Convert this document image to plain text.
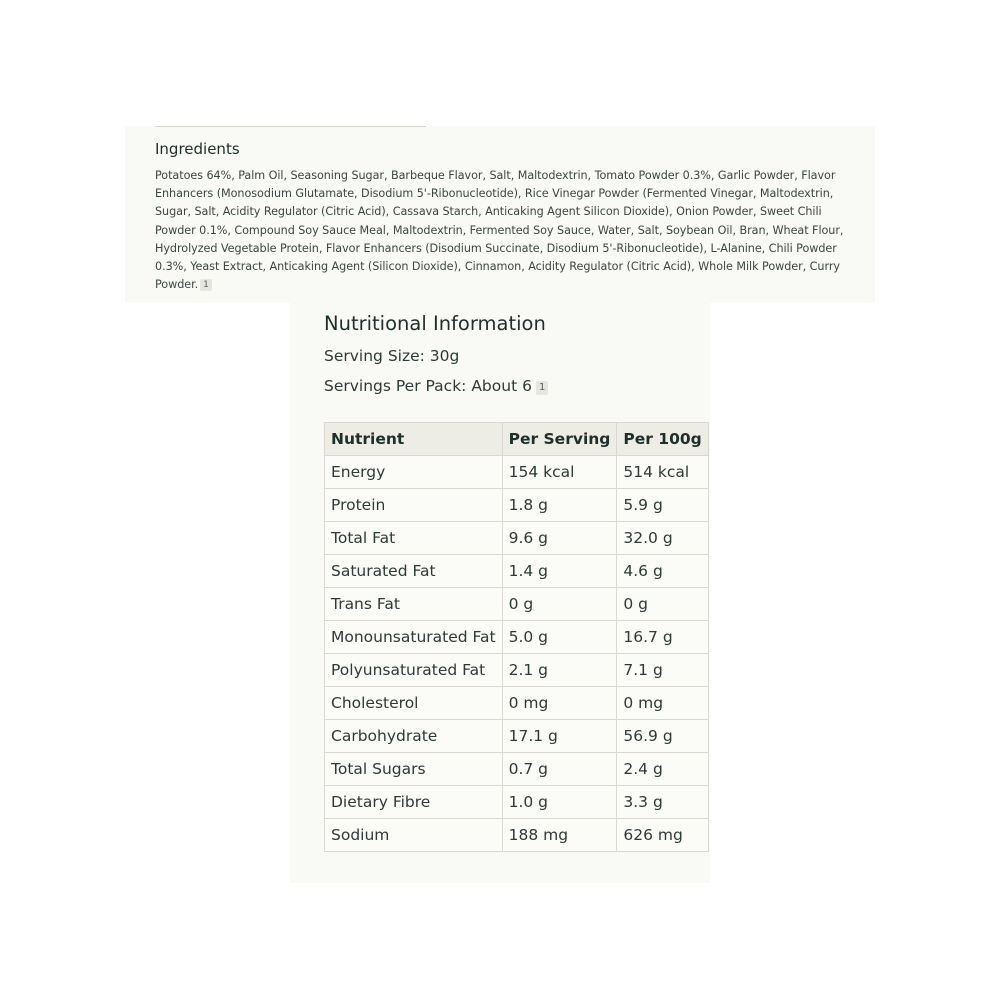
Ingredients
Potatoes 64%, Palm Oil, Seasoning Sugar, Barbeque Flavor, Salt, Maltodextrin, Tomato Powder 0.3%, Garlic Powder, Flavor Enhancers (Monosodium Glutamate, Disodium 5'-Ribonucleotide), Rice Vinegar Powder (Fermented Vinegar, Maltodextrin, Sugar, Salt, Acidity Regulator (Citric Acid), Cassava Starch, Anticaking Agent Silicon Dioxide), Onion Powder, Sweet Chili Powder 0.1%, Compound Soy Sauce Meal, Maltodextrin, Fermented Soy Sauce, Water, Salt, Soybean Oil, Bran, Wheat Flour, Hydrolyzed Vegetable Protein, Flavor Enhancers (Disodium Succinate, Disodium 5'-Ribonucleotide), L-Alanine, Chili Powder 0.3%, Yeast Extract, Anticaking Agent (Silicon Dioxide), Cinnamon, Acidity Regulator (Citric Acid), Whole Milk Powder, Curry Powder. 1
Nutritional Information
Serving Size: 30g
Servings Per Pack: About 6 1
Nutrient	Per Serving	Per 100g
Energy	154 kcal	514 kcal
Protein	1.8 g	5.9 g
Total Fat	9.6 g	32.0 g
Saturated Fat	1.4 g	4.6 g
Trans Fat	0 g	0 g
Monounsaturated Fat	5.0 g	16.7 g
Polyunsaturated Fat	2.1 g	7.1 g
Cholesterol	0 mg	0 mg
Carbohydrate	17.1 g	56.9 g
Total Sugars	0.7 g	2.4 g
Dietary Fibre	1.0 g	3.3 g
Sodium	188 mg	626 mg
